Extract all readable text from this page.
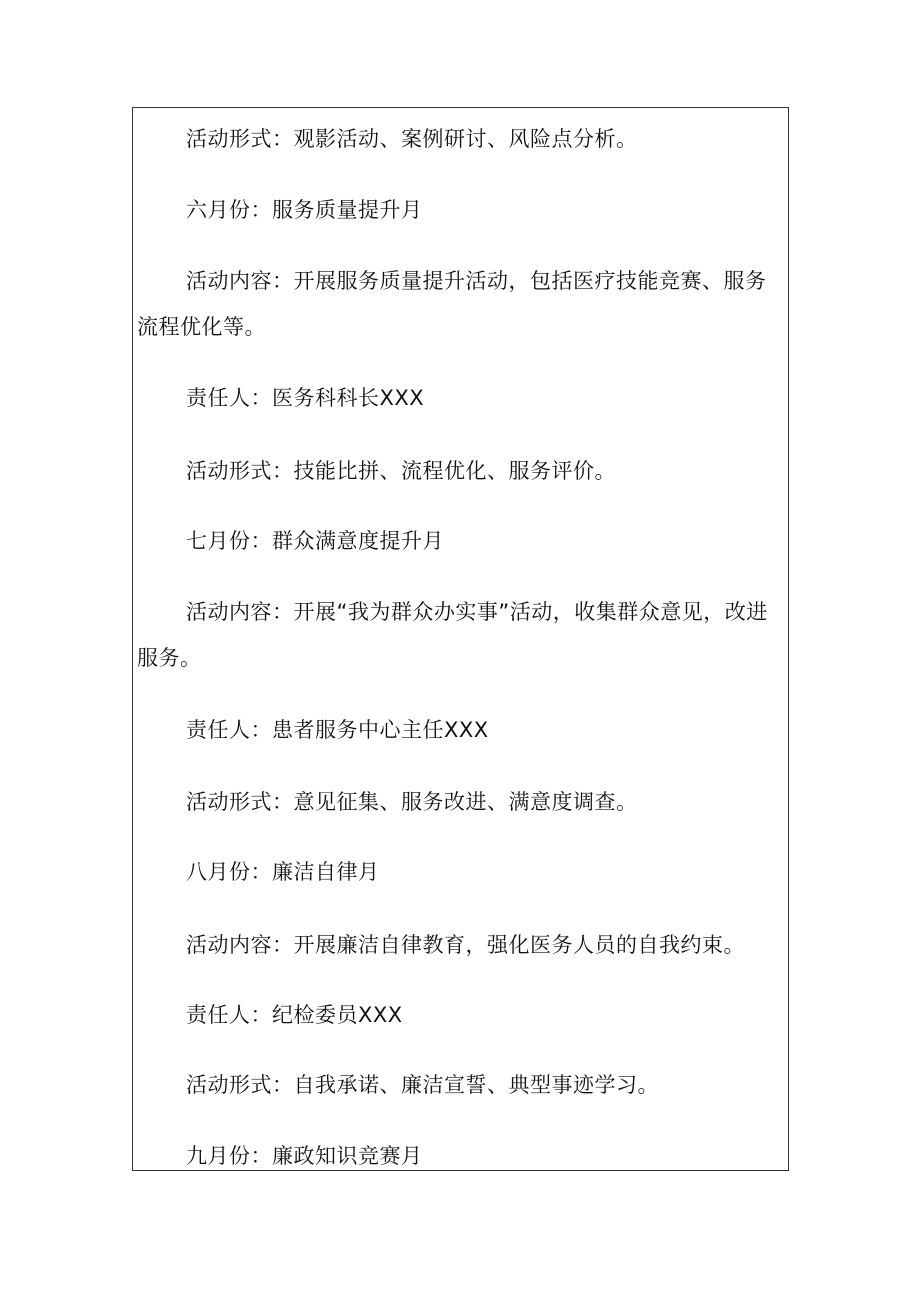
活动形式：观影活动、案例研讨、风险点分析。
六月份：服务质量提升月
活动内容：开展服务质量提升活动，包括医疗技能竞赛、服务流程优化等。
责任人：医务科科长XXX
活动形式：技能比拼、流程优化、服务评价。
七月份：群众满意度提升月
活动内容：开展“我为群众办实事”活动，收集群众意见，改进服务。
责任人：患者服务中心主任XXX
活动形式：意见征集、服务改进、满意度调查。
八月份：廉洁自律月
活动内容：开展廉洁自律教育，强化医务人员的自我约束。
责任人：纪检委员XXX
活动形式：自我承诺、廉洁宣誓、典型事迹学习。
九月份：廉政知识竞赛月
